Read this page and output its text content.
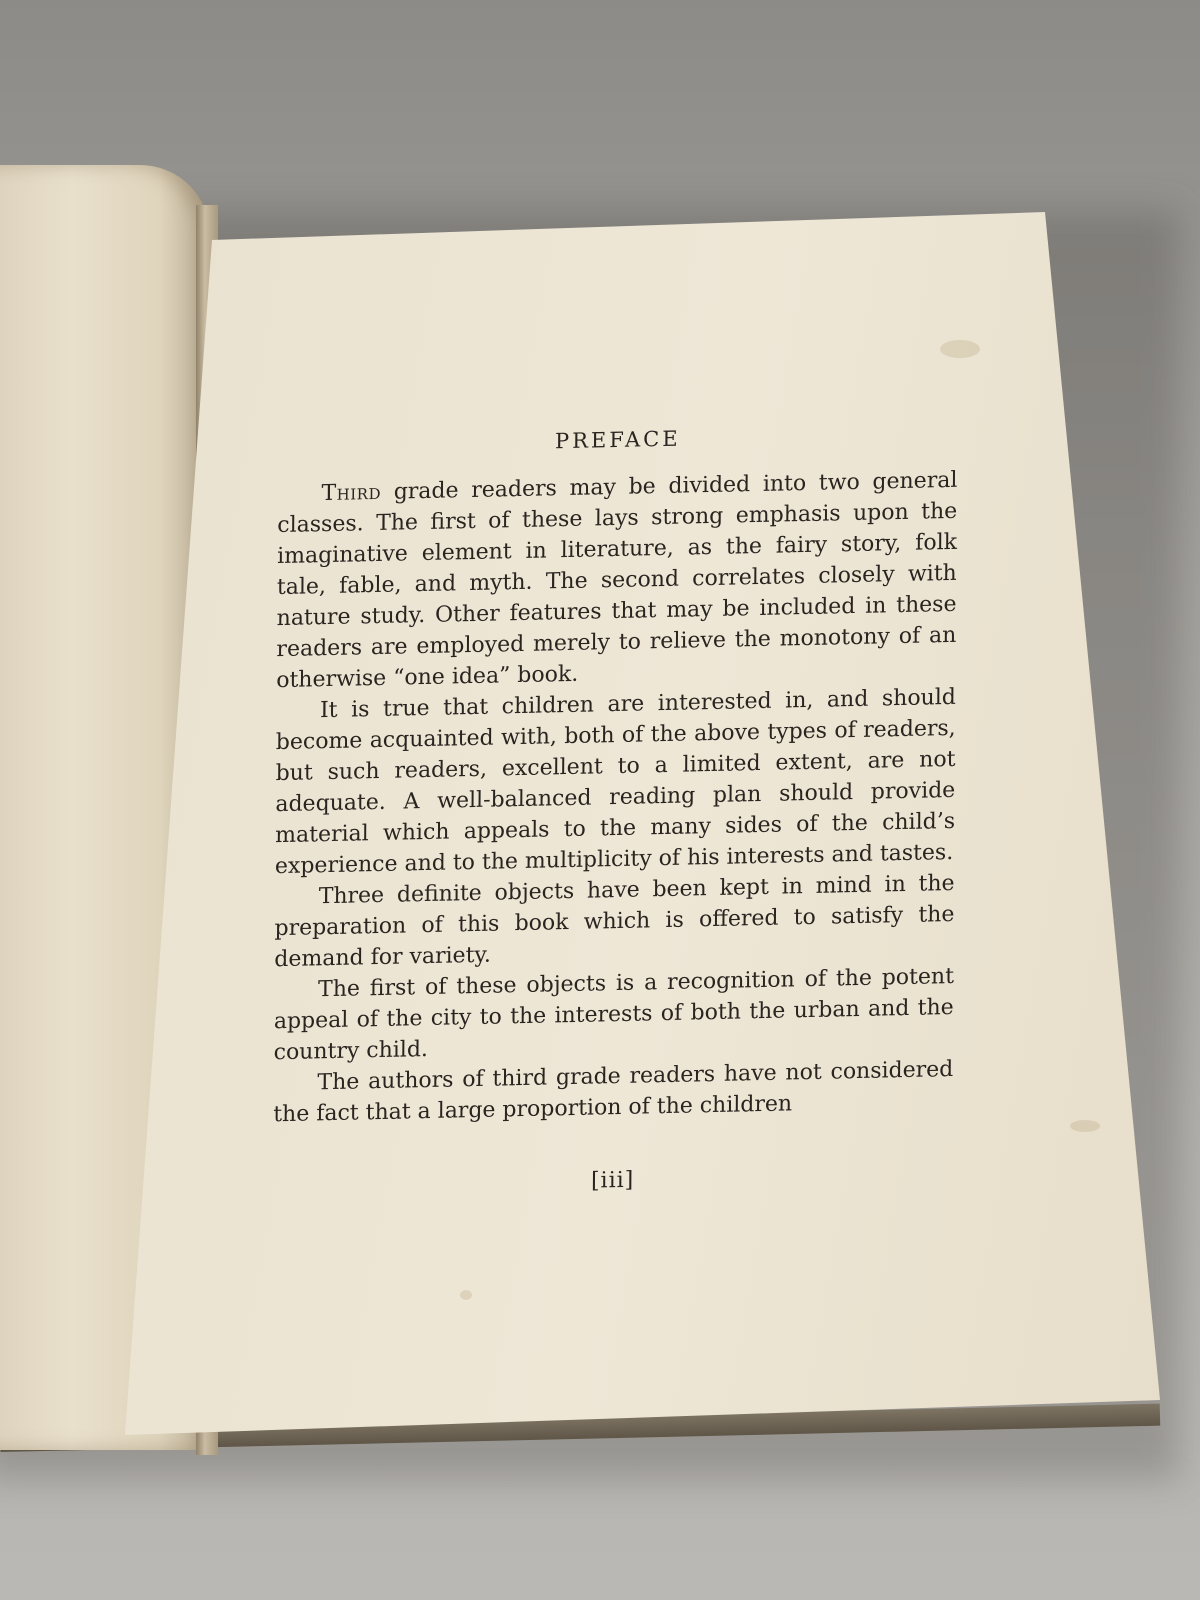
PREFACE

Third grade readers may be divided into two general classes. The first of these lays strong emphasis upon the imaginative element in literature, as the fairy story, folk tale, fable, and myth. The second correlates closely with nature study. Other features that may be included in these readers are employed merely to relieve the monotony of an otherwise “one idea” book.

It is true that children are interested in, and should become acquainted with, both of the above types of readers, but such readers, excellent to a limited extent, are not adequate. A well-balanced reading plan should provide material which appeals to the many sides of the child’s experience and to the multiplicity of his interests and tastes.

Three definite objects have been kept in mind in the preparation of this book which is offered to satisfy the demand for variety.

The first of these objects is a recognition of the potent appeal of the city to the interests of both the urban and the country child.

The authors of third grade readers have not considered the fact that a large proportion of the children

[iii]
